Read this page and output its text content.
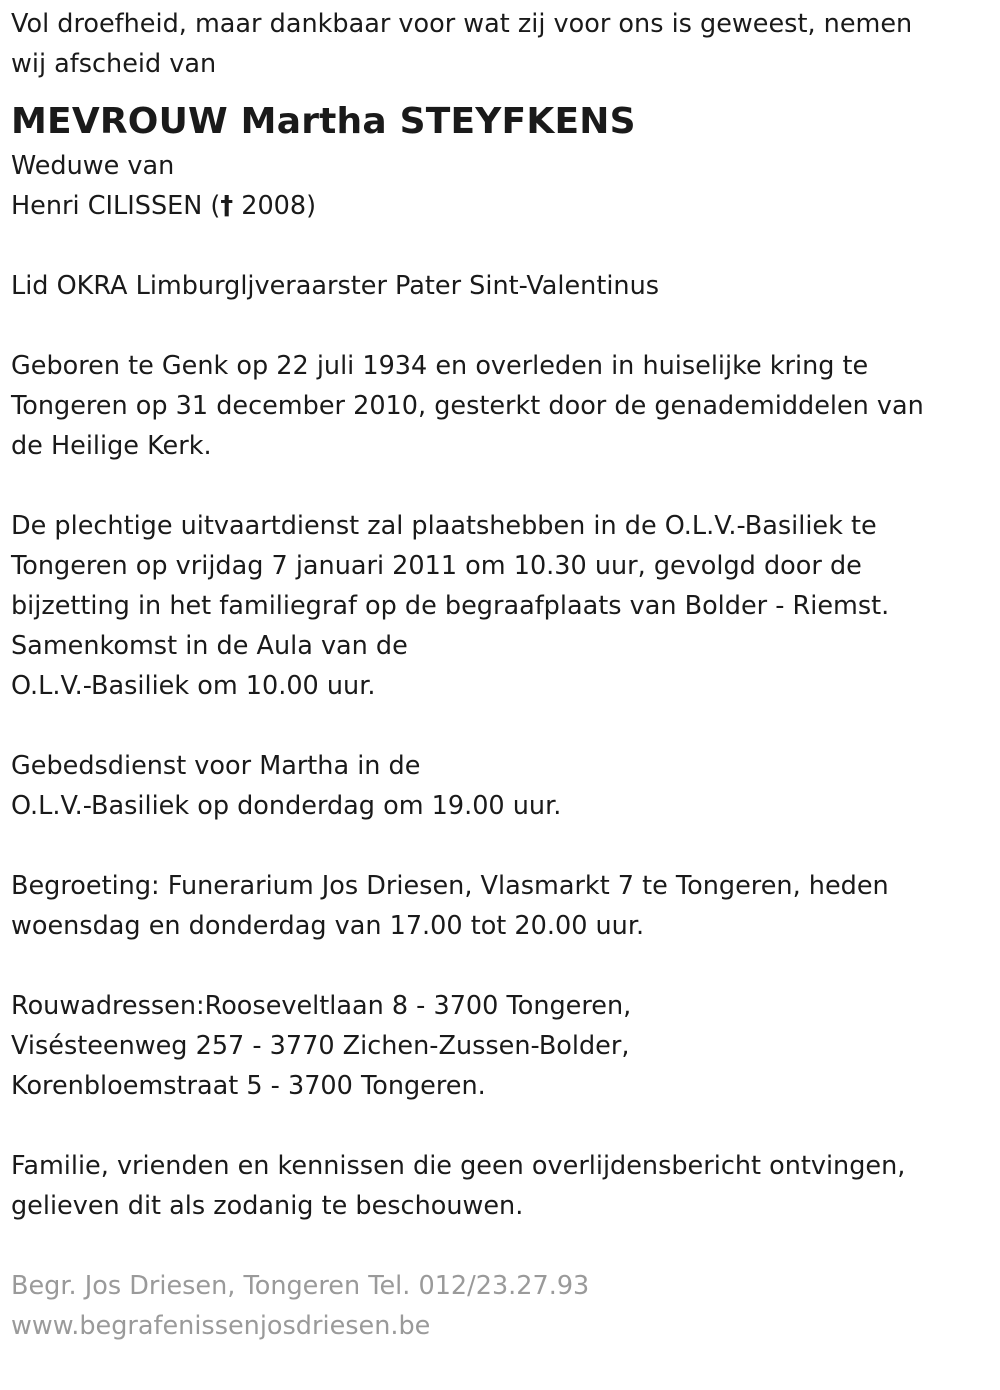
Vol droefheid, maar dankbaar voor wat zij voor ons is geweest, nemen
wij afscheid van
MEVROUW Martha STEYFKENS
Weduwe van
Henri CILISSEN († 2008)
Lid OKRA Limburgljveraarster Pater Sint-Valentinus
Geboren te Genk op 22 juli 1934 en overleden in huiselijke kring te
Tongeren op 31 december 2010, gesterkt door de genademiddelen van
de Heilige Kerk.
De plechtige uitvaartdienst zal plaatshebben in de O.L.V.-Basiliek te
Tongeren op vrijdag 7 januari 2011 om 10.30 uur, gevolgd door de
bijzetting in het familiegraf op de begraafplaats van Bolder - Riemst.
Samenkomst in de Aula van de
O.L.V.-Basiliek om 10.00 uur.
Gebedsdienst voor Martha in de
O.L.V.-Basiliek op donderdag om 19.00 uur.
Begroeting: Funerarium Jos Driesen, Vlasmarkt 7 te Tongeren, heden
woensdag en donderdag van 17.00 tot 20.00 uur.
Rouwadressen:Rooseveltlaan 8 - 3700 Tongeren,
Visésteenweg 257 - 3770 Zichen-Zussen-Bolder,
Korenbloemstraat 5 - 3700 Tongeren.
Familie, vrienden en kennissen die geen overlijdensbericht ontvingen,
gelieven dit als zodanig te beschouwen.
Begr. Jos Driesen, Tongeren Tel. 012/23.27.93
www.begrafenissenjosdriesen.be
